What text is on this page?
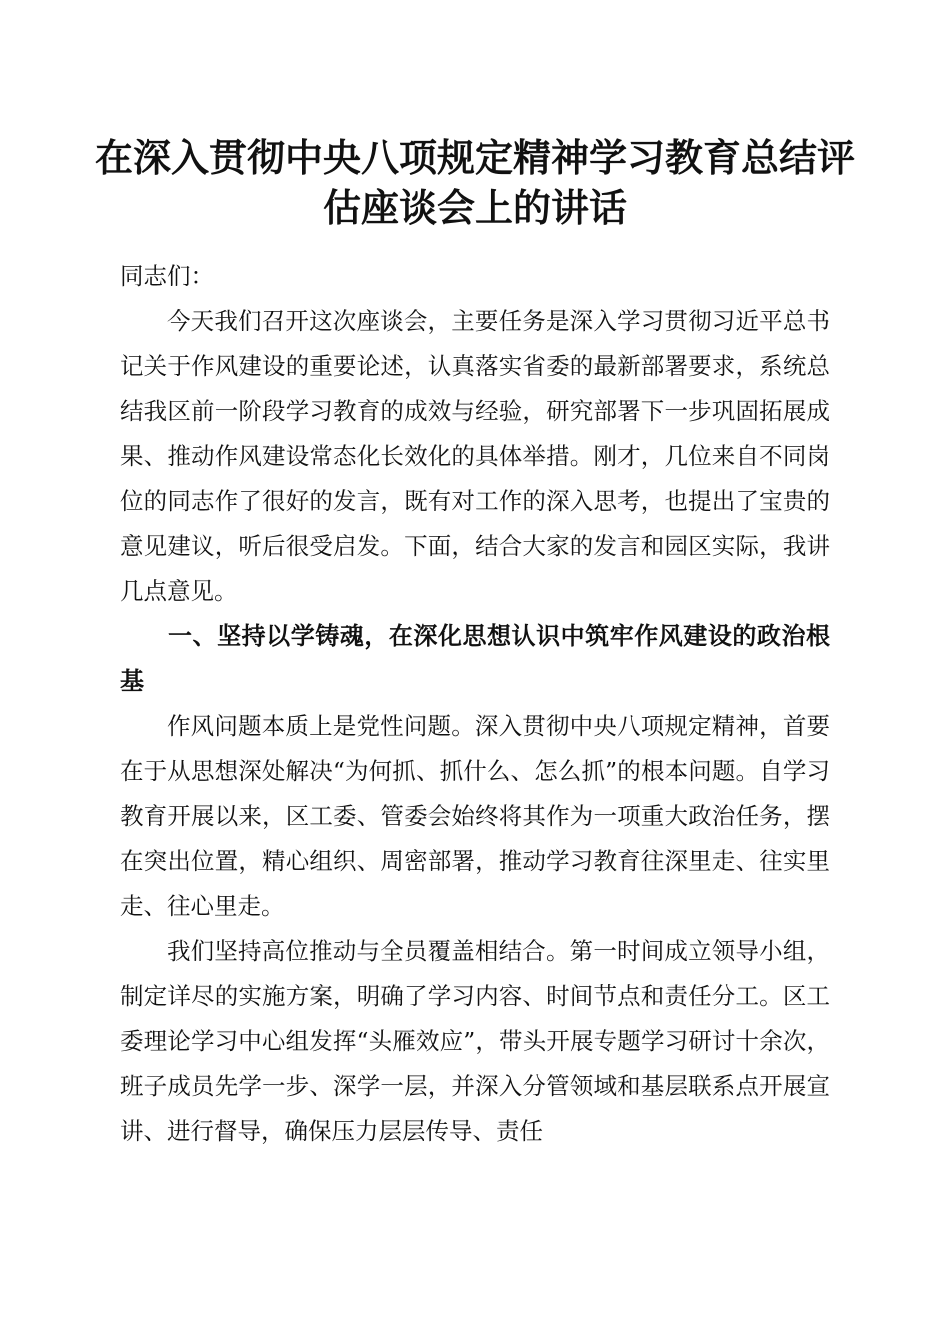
在深入贯彻中央八项规定精神学习教育总结评
估座谈会上的讲话

同志们：

今天我们召开这次座谈会，主要任务是深入学习贯彻习近平总书记关于作风建设的重要论述，认真落实省委的最新部署要求，系统总结我区前一阶段学习教育的成效与经验，研究部署下一步巩固拓展成果、推动作风建设常态化长效化的具体举措。刚才，几位来自不同岗位的同志作了很好的发言，既有对工作的深入思考，也提出了宝贵的意见建议，听后很受启发。下面，结合大家的发言和园区实际，我讲几点意见。

一、坚持以学铸魂，在深化思想认识中筑牢作风建设的政治根基

作风问题本质上是党性问题。深入贯彻中央八项规定精神，首要在于从思想深处解决“为何抓、抓什么、怎么抓”的根本问题。自学习教育开展以来，区工委、管委会始终将其作为一项重大政治任务，摆在突出位置，精心组织、周密部署，推动学习教育往深里走、往实里走、往心里走。

我们坚持高位推动与全员覆盖相结合。第一时间成立领导小组，制定详尽的实施方案，明确了学习内容、时间节点和责任分工。区工委理论学习中心组发挥“头雁效应”，带头开展专题学习研讨十余次，班子成员先学一步、深学一层，并深入分管领域和基层联系点开展宣讲、进行督导，确保压力层层传导、责任
